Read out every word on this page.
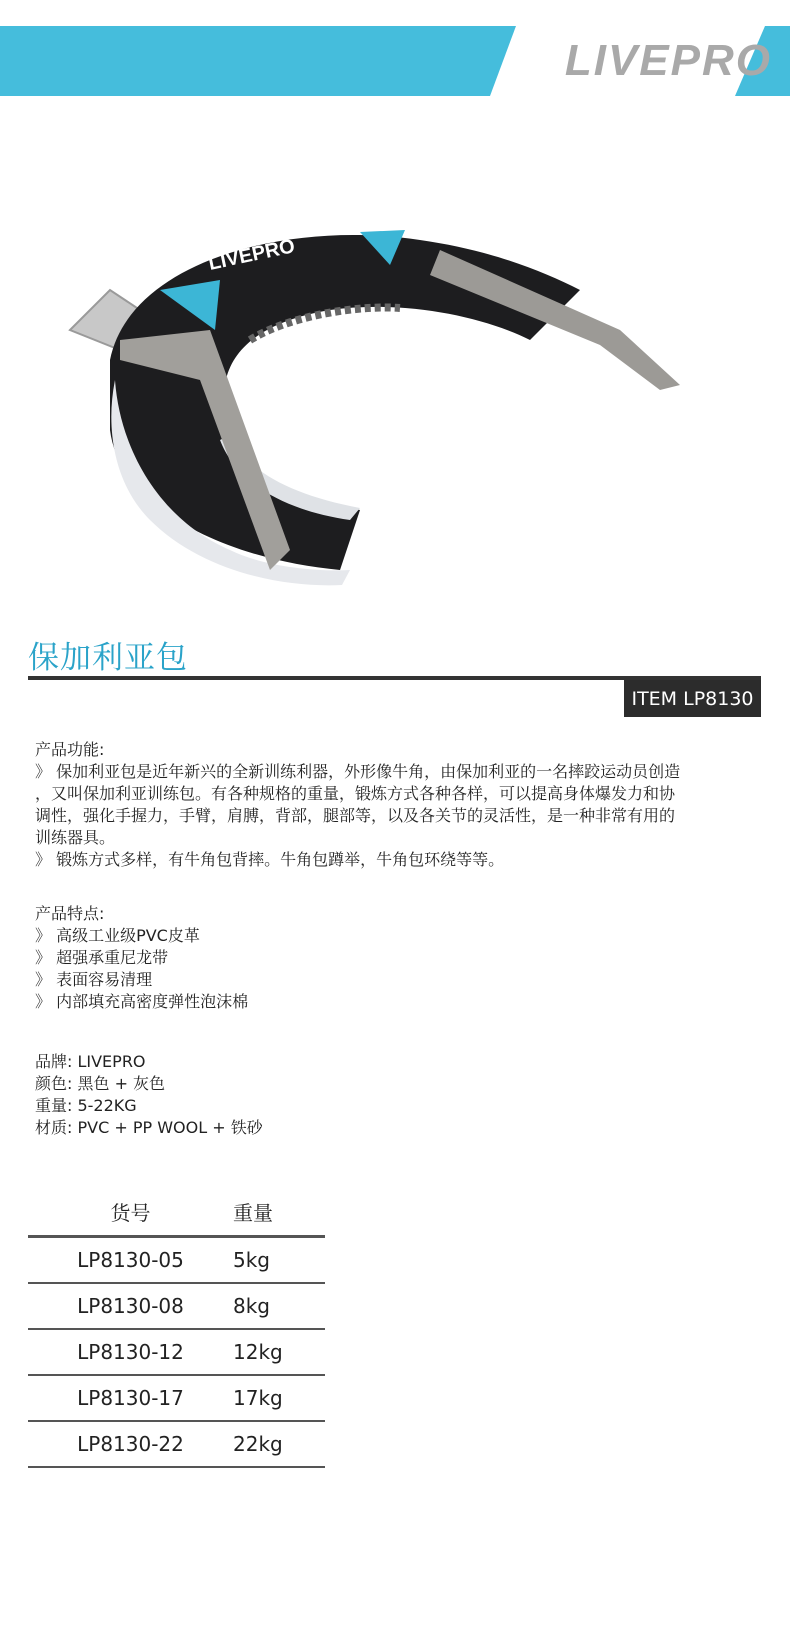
LIVEPRO
LIVEPRO
保加利亚包
ITEM LP8130

产品功能:

》 保加利亚包是近年新兴的全新训练利器，外形像牛角，由保加利亚的一名摔跤运动员创造

，又叫保加利亚训练包。有各种规格的重量，锻炼方式各种各样，可以提高身体爆发力和协

调性，强化手握力，手臂，肩膊，背部，腿部等，以及各关节的灵活性，是一种非常有用的

训练器具。

》 锻炼方式多样，有牛角包背摔。牛角包蹲举，牛角包环绕等等。

产品特点:

》 高级工业级PVC皮革

》 超强承重尼龙带

》 表面容易清理

》 内部填充高密度弹性泡沫棉

品牌: LIVEPRO

颜色: 黑色 + 灰色

重量: 5-22KG

材质: PVC + PP WOOL + 铁砂

货号	重量
LP8130-05	5kg
LP8130-08	8kg
LP8130-12	12kg
LP8130-17	17kg
LP8130-22	22kg
